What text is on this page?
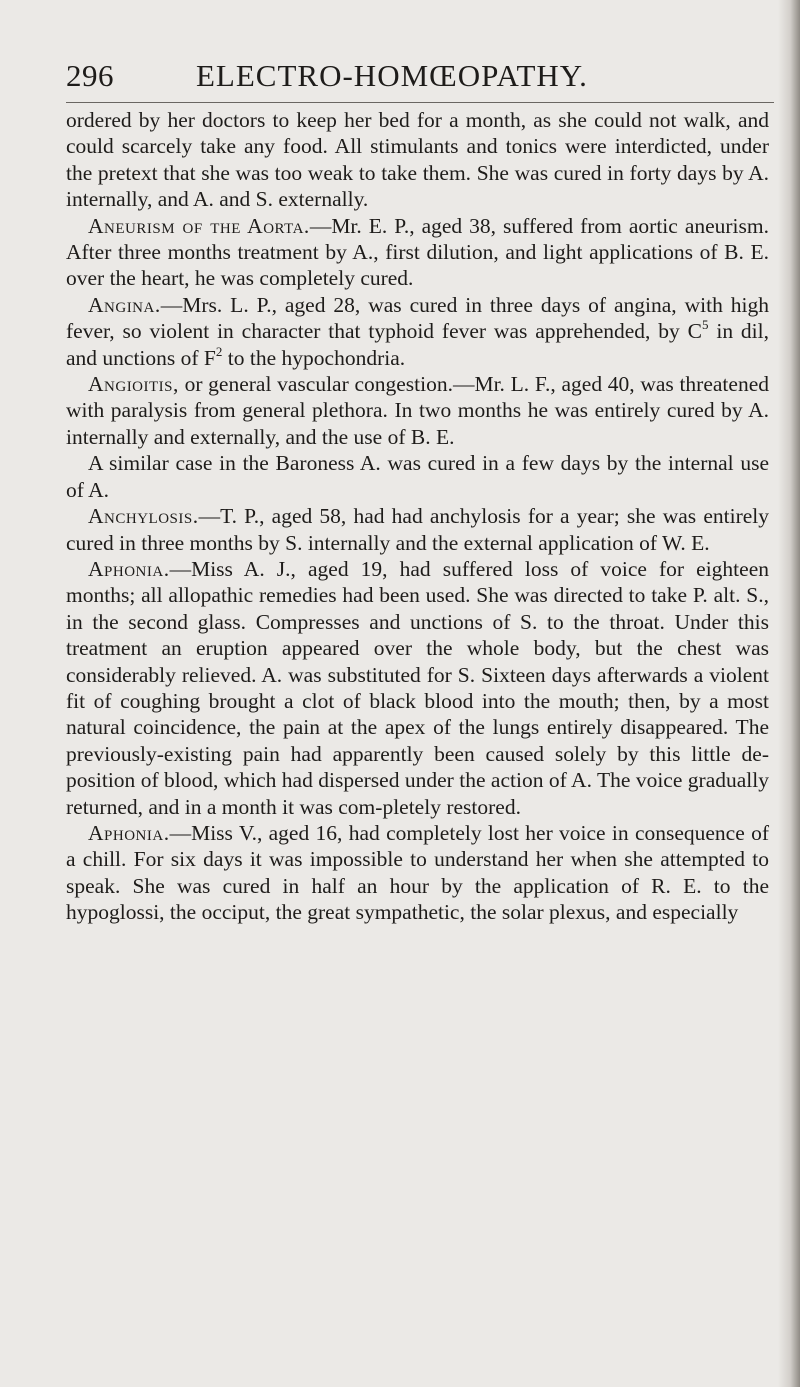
296	ELECTRO-HOMŒOPATHY.

ordered by her doctors to keep her bed for a month, as she could not walk, and could scarcely take any food. All stimulants and tonics were interdicted, under the pretext that she was too weak to take them. She was cured in forty days by A. internally, and A. and S. externally.

Aneurism of the Aorta.—Mr. E. P., aged 38, suffered from aortic aneurism. After three months treatment by A., first dilution, and light applications of B. E. over the heart, he was completely cured.

Angina.—Mrs. L. P., aged 28, was cured in three days of angina, with high fever, so violent in character that typhoid fever was apprehended, by $C^5$ in dil, and unctions of $F^2$ to the hypochondria.

Angioitis, or general vascular congestion.—Mr. L. F., aged 40, was threatened with paralysis from general plethora. In two months he was entirely cured by A. internally and externally, and the use of B. E.

A similar case in the Baroness A. was cured in a few days by the internal use of A.

Anchylosis.—T. P., aged 58, had had anchylosis for a year; she was entirely cured in three months by S. internally and the external application of W. E.

Aphonia.—Miss A. J., aged 19, had suffered loss of voice for eighteen months; all allopathic remedies had been used. She was directed to take P. alt. S., in the second glass. Compresses and unctions of S. to the throat. Under this treatment an eruption appeared over the whole body, but the chest was considerably relieved. A. was substituted for S. Sixteen days afterwards a violent fit of coughing brought a clot of black blood into the mouth; then, by a most natural coincidence, the pain at the apex of the lungs entirely disappeared. The previously-existing pain had apparently been caused solely by this little de-position of blood, which had dispersed under the action of A. The voice gradually returned, and in a month it was com-pletely restored.

Aphonia.—Miss V., aged 16, had completely lost her voice in consequence of a chill. For six days it was impossible to understand her when she attempted to speak. She was cured in half an hour by the application of R. E. to the hypoglossi, the occiput, the great sympathetic, the solar plexus, and especially
